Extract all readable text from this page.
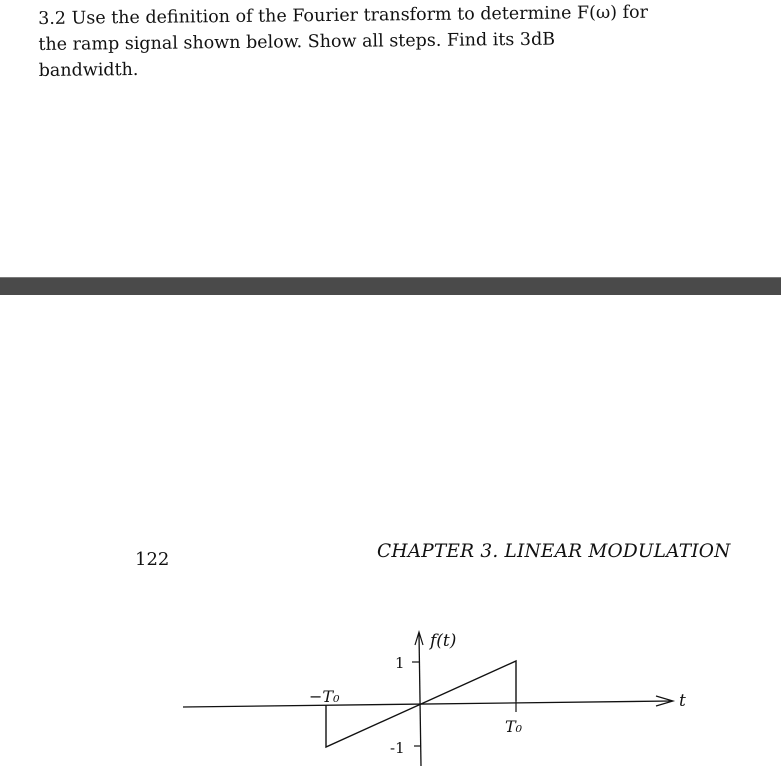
3.2 Use the definition of the Fourier transform to determine F(ω) for
the ramp signal shown below. Show all steps. Find its 3dB bandwidth.
122	CHAPTER 3. LINEAR MODULATION
f(t)
t
1
-1
−T₀
T₀
